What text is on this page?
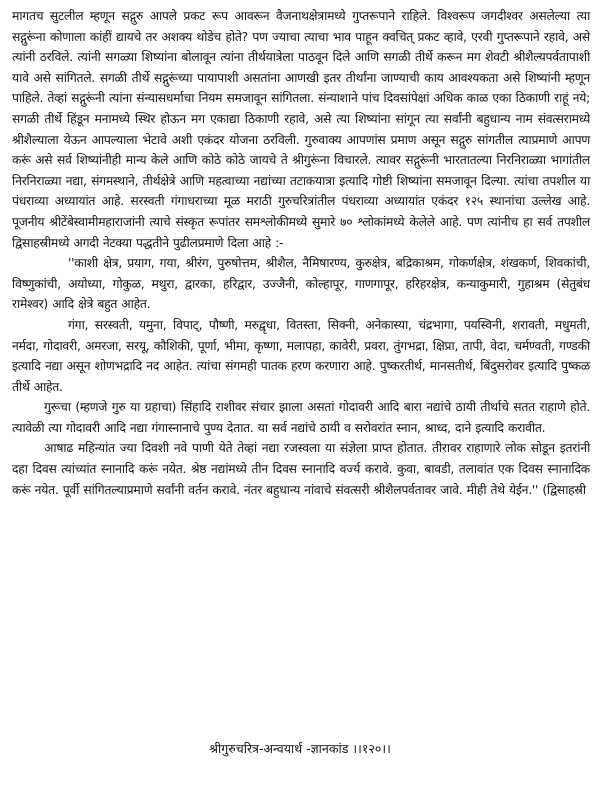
मागतच सुटलील म्हणून सद्गुरु आपले प्रकट रूप आवरून वैजनाथक्षेत्रामध्ये गुप्तरूपाने राहिले. विश्वरूप जगदीश्वर असलेल्या त्या सद्गुरूंना कोणाला कांहीं द्यायचे तर अशक्य थोडेच होते? पण ज्याचा त्याचा भाव पाहून क्वचित् प्रकट व्हावे, एरवी गुप्तरूपाने रहावे, असे त्यांनी ठरविले. त्यांनी सगळ्या शिष्यांना बोलावून त्यांना तीर्थयात्रेला पाठवून दिले आणि सगळी तीर्थे करून मग शेवटी श्रीशैल्यपर्वतापाशी यावे असे सांगितले. सगळी तीर्थे सद्गुरूंच्या पायापाशी असतांना आणखी इतर तीर्थांना जाण्याची काय आवश्यकता असे शिष्यांनी म्हणून पाहिले. तेव्हां सद्गुरूंनी त्यांना संन्यासधर्माचा नियम समजावून सांगितला. संन्याशाने पांच दिवसांपेक्षां अधिक काळ एका ठिकाणी राहूं नये; सगळी तीर्थे हिंडून मनामध्ये स्थिर होऊन मग एकाद्या ठिकाणी रहावे, असे त्या शिष्यांना सांगून त्या सर्वांनी बहुधान्य नाम संवत्सरामध्ये श्रीशैल्याला येऊन आपल्याला भेटावे अशी एकंदर योजना ठरविली. गुरुवाक्य आपणांस प्रमाण असून सद्गुरु सांगतील त्याप्रमाणे आपण करूं असे सर्व शिष्यांनीही मान्य केले आणि कोठे कोठे जायचे ते श्रीगुरूंना विचारले. त्यावर सद्गुरूंनी भारतातल्या निरनिराळ्या भागांतील निरनिराळ्या नद्या, संगमस्थाने, तीर्थक्षेत्रे आणि महत्वाच्या नद्यांच्या तटाकयात्रा इत्यादि गोष्टी शिष्यांना समजावून दिल्या. त्यांचा तपशील या पंधराव्या अध्यायांत आहे. सरस्वती गंगाधराच्या मूळ मराठी गुरुचरित्रांतील पंधराव्या अध्यायांत एकंदर १२५ स्थानांचा उल्लेख आहे. पूजनीय श्रीटेंबेस्वामीमहाराजांनी त्याचे संस्कृत रूपांतर समश्लोकीमध्ये सुमारे ७० श्लोकांमध्ये केलेले आहे. पण त्यांनीच हा सर्व तपशील द्विसाहस्रीमध्ये अगदी नेटक्या पद्धतीने पुढीलप्रमाणे दिला आहे :-

''काशी क्षेत्र, प्रयाग, गया, श्रीरंग, पुरुषोत्तम, श्रीशैल, नैमिषारण्य, कुरुक्षेत्र, बद्रिकाश्रम, गोकर्णक्षेत्र, शंखकर्ण, शिवकांची, विष्णुकांची, अयोध्या, गोकुळ, मथुरा, द्वारका, हरिद्वार, उज्जैनी, कोल्हापूर, गाणगापूर, हरिहरक्षेत्र, कन्याकुमारी, गुहाश्रम (सेतुबंध रामेश्वर) आदि क्षेत्रे बहुत आहेत.

गंगा, सरस्वती, यमुना, विपाट्, पौष्णी, मरुद्वृधा, वितस्ता, सिक्नी, अनेकास्या, चंद्रभागा, पयस्विनी, शरावती, मधुमती, नर्मदा, गोदावरी, अमरजा, सरयू, कौशिकी, पूर्णा, भीमा, कृष्णा, मलापहा, कावेरी, प्रवरा, तुंगभद्रा, क्षिप्रा, तापी, वेदा, चर्मण्वती, गण्डकी इत्यादि नद्या असून शोणभद्रादि नद आहेत. त्यांचा संगमही पातक हरण करणारा आहे. पुष्करतीर्थ, मानसतीर्थ, बिंदुसरोवर इत्यादि पुष्कळ तीर्थे आहेत.

गुरूचा (म्हणजे गुरु या ग्रहाचा) सिंहादि राशीवर संचार झाला असतां गोदावरी आदि बारा नद्यांचे ठायी तीर्थाचे सतत राहाणे होते. त्यावेळी त्या गोदावरी आदि नद्या गंगास्नानाचे पुण्य देतात. या सर्व नद्यांचे ठायी व सरोवरांत स्नान, श्राध्द, दाने इत्यादि करावीत.

आषाढ महिन्यांत ज्या दिवशी नवे पाणी येते तेव्हां नद्या रजस्वला या संज्ञेला प्राप्त होतात. तीरावर राहाणारे लोक सोडून इतरांनी दहा दिवस त्यांच्यांत स्नानादि करूं नयेत. श्रेष्ठ नद्यांमध्ये तीन दिवस स्नानादि वर्ज्य करावे. कुवा, बावडी, तलावांत एक दिवस स्नानादिक करूं नयेत. पूर्वी सांगितल्याप्रमाणे सर्वांनी वर्तन करावे. नंतर बहुधान्य नांवाचे संवत्सरी श्रीशैलपर्वतावर जावे. मीही तेथे येईन.'' (द्विसाहस्री

श्रीगुरुचरित्र-अन्वयार्थ -ज्ञानकांड ।।१२०।।
